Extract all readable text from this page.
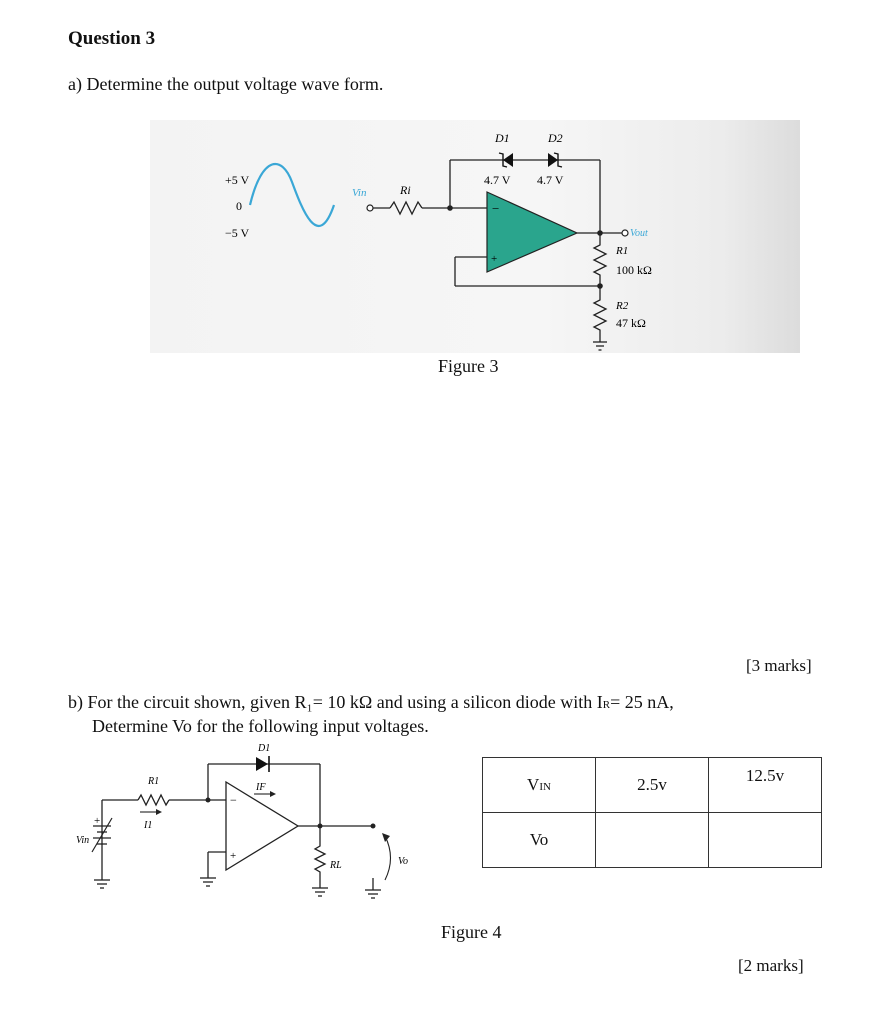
Question 3
a) Determine the output voltage wave form.
+5 V
0
−5 V
Vin	Ri
D1
4.7 V
D2
4.7 V
−
+
Vout
R1
100 kΩ
R2
47 kΩ
Figure 3
[3 marks]
b) For the circuit shown, given R₁= 10 kΩ and using a silicon diode with IR= 25 nA,
Determine Vo for the following input voltages.
Vin
+
R1
I1
D1
IF
−
+
RL	Vo
VIN	2.5v	12.5v
Vo		
Figure 4
[2 marks]
